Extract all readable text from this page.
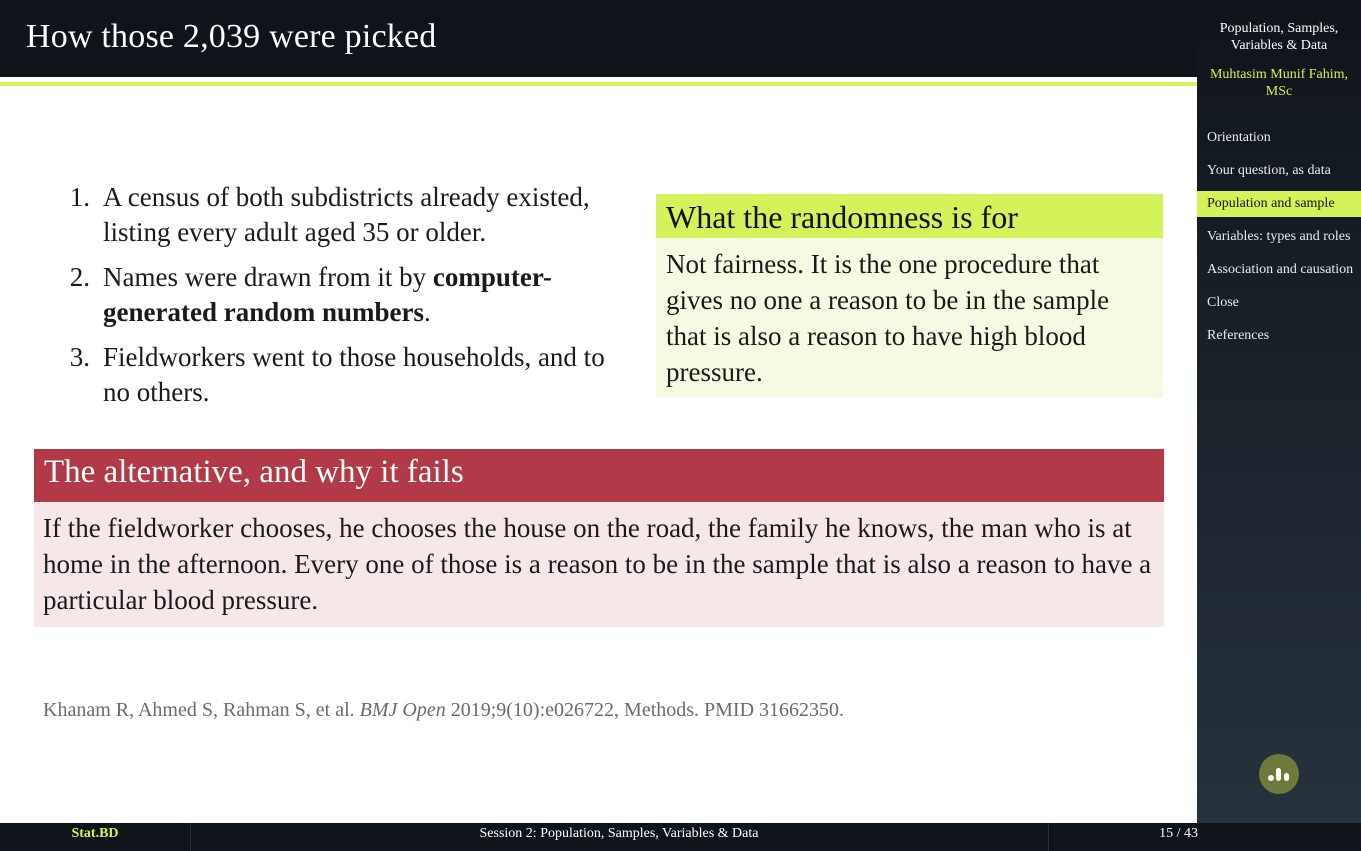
How those 2,039 were picked
1. A census of both subdistricts already existed, listing every adult aged 35 or older.
2. Names were drawn from it by computer-generated random numbers.
3. Fieldworkers went to those households, and to no others.
What the randomness is for
Not fairness. It is the one procedure that gives no one a reason to be in the sample that is also a reason to have high blood pressure.
The alternative, and why it fails
If the fieldworker chooses, he chooses the house on the road, the family he knows, the man who is at home in the afternoon. Every one of those is a reason to be in the sample that is also a reason to have a particular blood pressure.
Khanam R, Ahmed S, Rahman S, et al. BMJ Open 2019;9(10):e026722, Methods. PMID 31662350.
Stat.BD	Session 2: Population, Samples, Variables & Data	15 / 43
Population, Samples, Variables & Data
Muhtasim Munif Fahim, MSc
Orientation
Your question, as data
Population and sample
Variables: types and roles
Association and causation
Close
References
